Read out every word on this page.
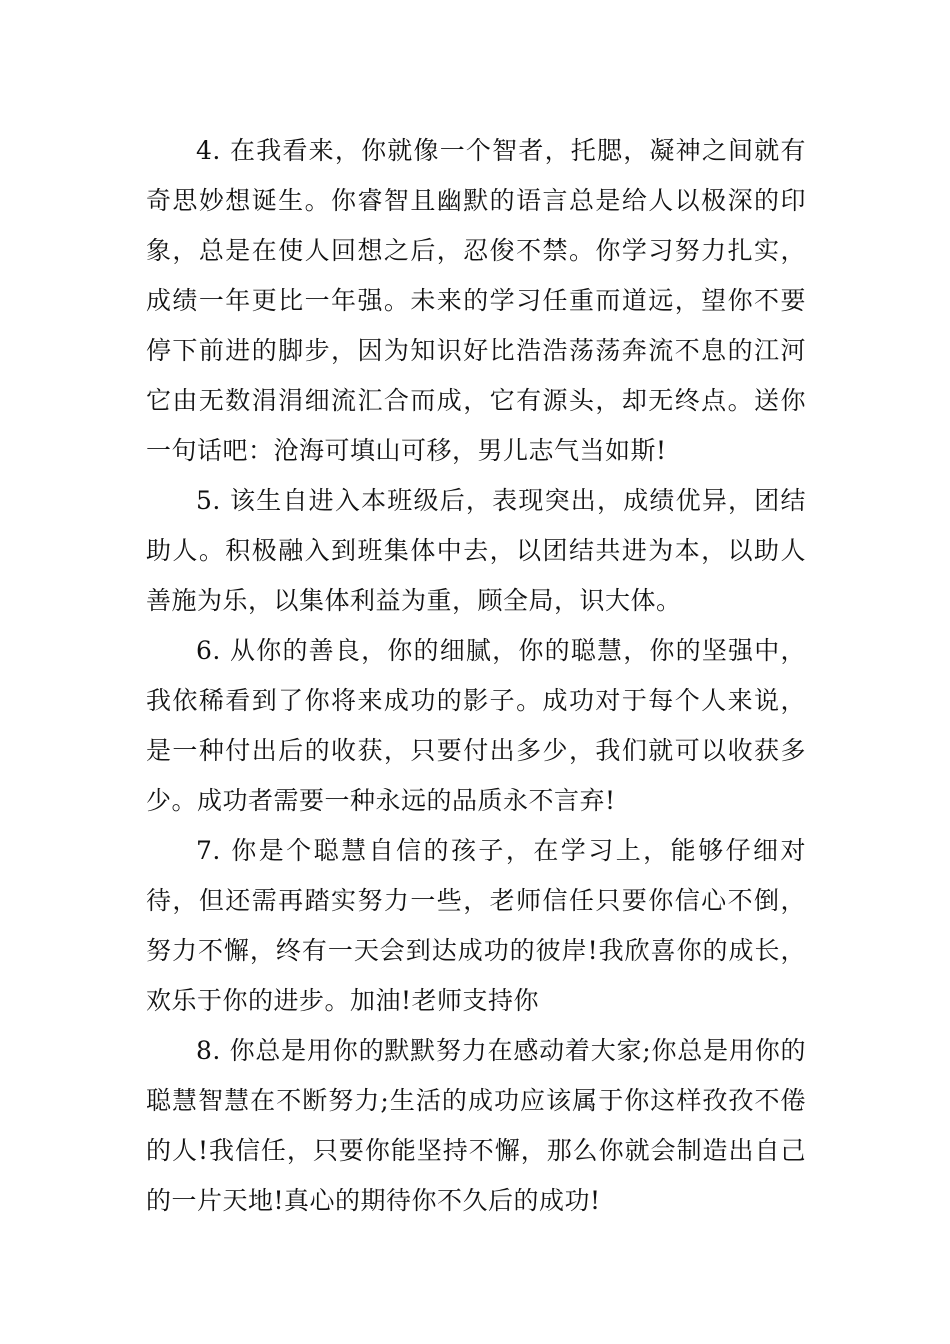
4. 在我看来，你就像一个智者，托腮，凝神之间就有奇思妙想诞生。你睿智且幽默的语言总是给人以极深的印象，总是在使人回想之后，忍俊不禁。你学习努力扎实，成绩一年更比一年强。未来的学习任重而道远，望你不要停下前进的脚步，因为知识好比浩浩荡荡奔流不息的江河它由无数涓涓细流汇合而成，它有源头，却无终点。送你一句话吧：沧海可填山可移，男儿志气当如斯!

5. 该生自进入本班级后，表现突出，成绩优异，团结助人。积极融入到班集体中去，以团结共进为本，以助人善施为乐，以集体利益为重，顾全局，识大体。

6. 从你的善良，你的细腻，你的聪慧，你的坚强中，我依稀看到了你将来成功的影子。成功对于每个人来说，是一种付出后的收获，只要付出多少，我们就可以收获多少。成功者需要一种永远的品质永不言弃!

7. 你是个聪慧自信的孩子，在学习上，能够仔细对待，但还需再踏实努力一些，老师信任只要你信心不倒，努力不懈，终有一天会到达成功的彼岸!我欣喜你的成长，欢乐于你的进步。加油!老师支持你

8. 你总是用你的默默努力在感动着大家;你总是用你的聪慧智慧在不断努力;生活的成功应该属于你这样孜孜不倦的人!我信任，只要你能坚持不懈，那么你就会制造出自己的一片天地!真心的期待你不久后的成功!
